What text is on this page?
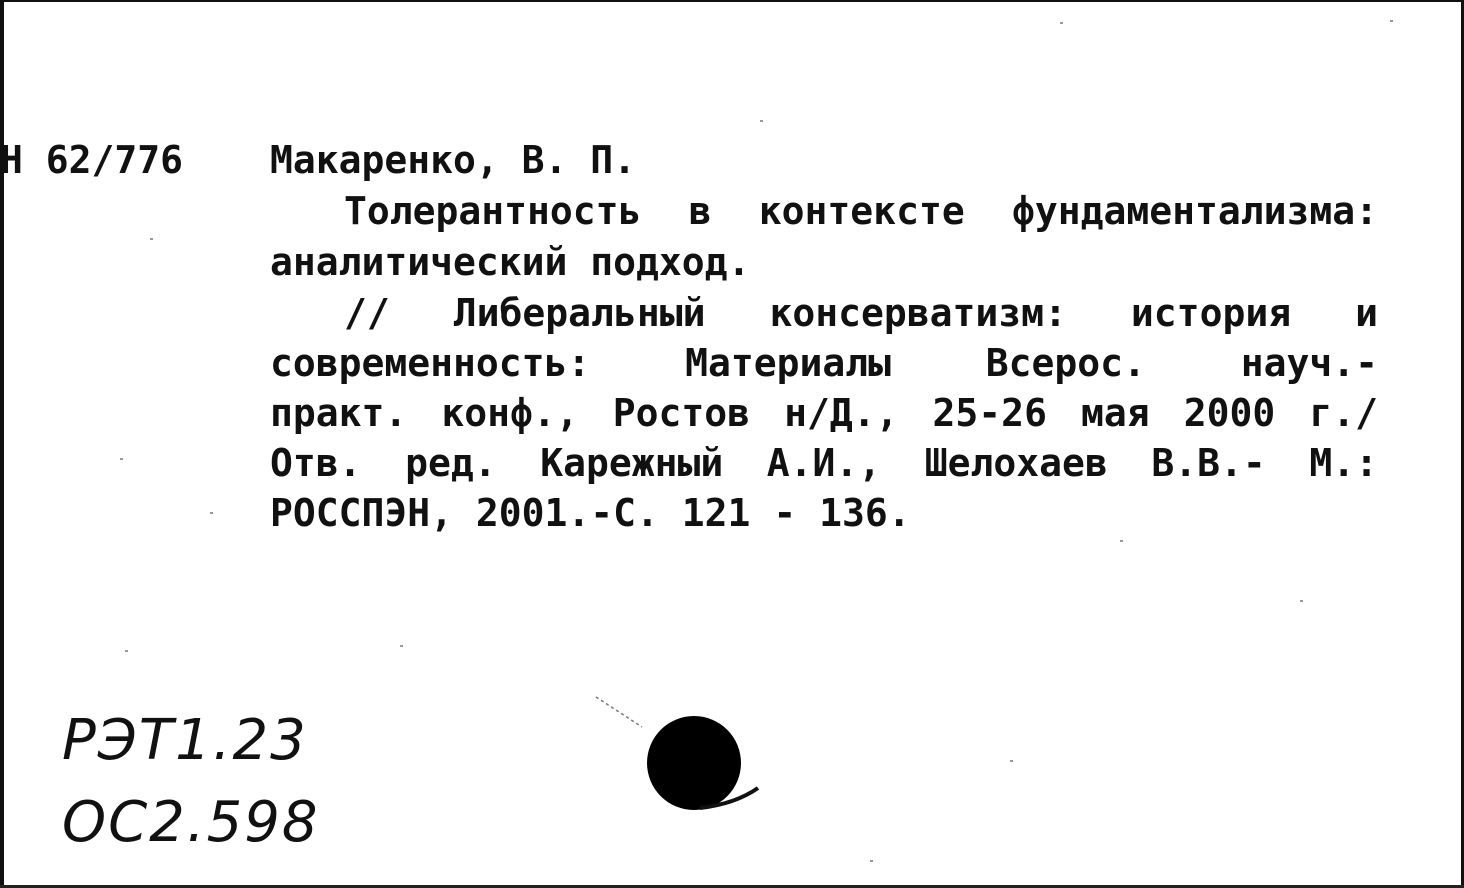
Н 62/776 Макаренко, В. П.
Толерантность в контексте фундаментализма:
аналитический подход.
// Либеральный консерватизм: история и
современность: Материалы Всерос. науч.-
практ. конф., Ростов н/Д., 25-26 мая 2000 г./
Отв. ред. Карежный А.И., Шелохаев В.В.- М.:
РОССПЭН, 2001.-С. 121 - 136.
РЭТ1.23
ОС2.598
